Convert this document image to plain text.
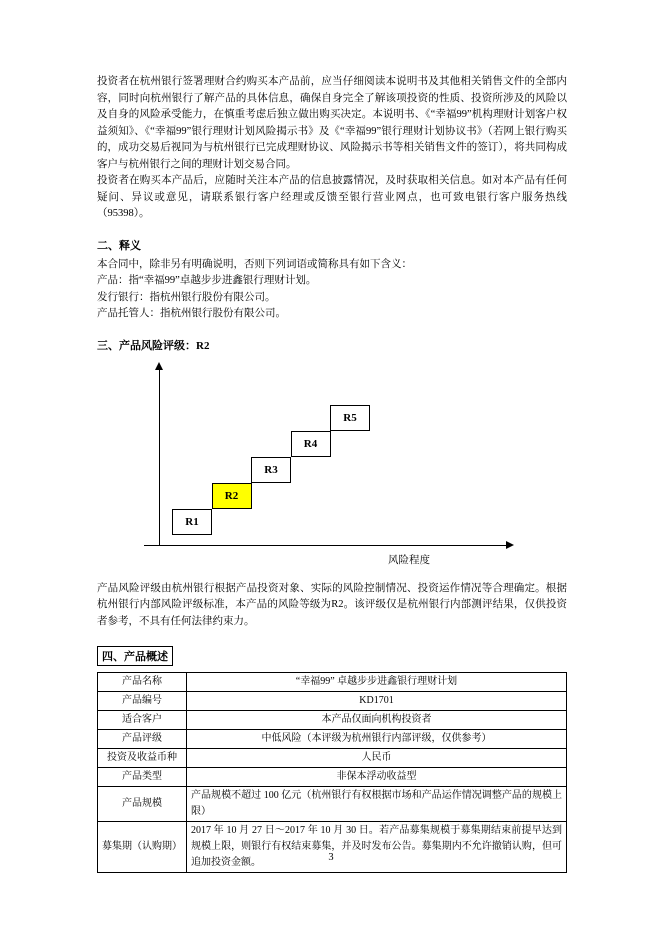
投资者在杭州银行签署理财合约购买本产品前，应当仔细阅读本说明书及其他相关销售文件的全部内容，同时向杭州银行了解产品的具体信息，确保自身完全了解该项投资的性质、投资所涉及的风险以及自身的风险承受能力，在慎重考虑后独立做出购买决定。本说明书、《“幸福99”机构理财计划客户权益须知》、《“幸福99”银行理财计划风险揭示书》及《“幸福99”银行理财计划协议书》（若网上银行购买的，成功交易后视同为与杭州银行已完成理财协议、风险揭示书等相关销售文件的签订），将共同构成客户与杭州银行之间的理财计划交易合同。

投资者在购买本产品后，应随时关注本产品的信息披露情况，及时获取相关信息。如对本产品有任何疑问、异议或意见，请联系银行客户经理或反馈至银行营业网点，也可致电银行客户服务热线（95398）。

二、释义

本合同中，除非另有明确说明，否则下列词语或简称具有如下含义：

产品：指“幸福99”卓越步步进鑫银行理财计划。

发行银行：指杭州银行股份有限公司。

产品托管人：指杭州银行股份有限公司。

三、产品风险评级：R2
风险程度
R1
R2
R3
R4
R5

产品风险评级由杭州银行根据产品投资对象、实际的风险控制情况、投资运作情况等合理确定。根据杭州银行内部风险评级标准，本产品的风险等级为R2。该评级仅是杭州银行内部测评结果，仅供投资者参考，不具有任何法律约束力。

四、产品概述
产品名称	“幸福99” 卓越步步进鑫银行理财计划
产品编号	KD1701
适合客户	本产品仅面向机构投资者
产品评级	中低风险（本评级为杭州银行内部评级，仅供参考）
投资及收益币种	人民币
产品类型	非保本浮动收益型
产品规模	产品规模不超过 100 亿元（杭州银行有权根据市场和产品运作情况调整产品的规模上限）
募集期（认购期）	2017 年 10 月 27 日～2017 年 10 月 30 日。若产品募集规模于募集期结束前提早达到规模上限，则银行有权结束募集，并及时发布公告。募集期内不允许撤销认购，但可追加投资金额。	3
